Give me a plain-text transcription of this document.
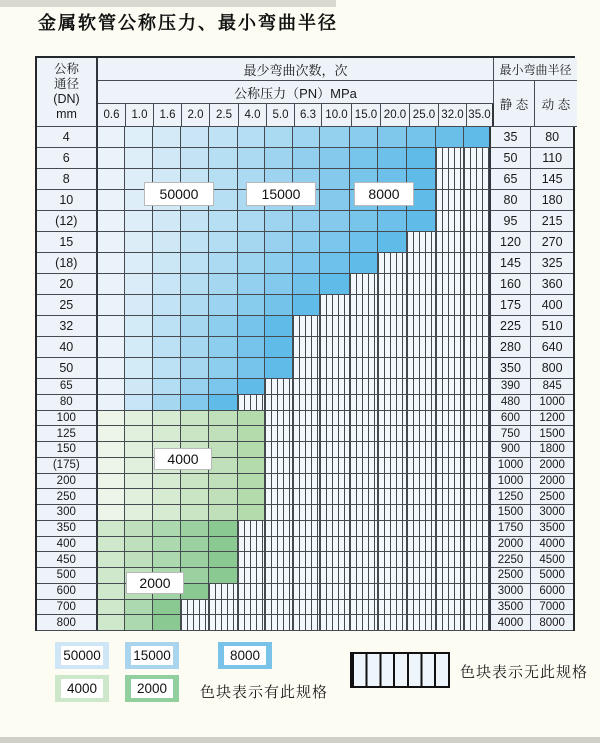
金属软管公称压力、最小弯曲半径
公称
通径
(DN)
mm
最少弯曲次数，次
公称压力（PN）MPa
0.6	1.0	1.6	2.0	2.5	4.0	5.0	6.3 10.0 15.0 20.0 25.0 32.0 35.0
最小弯曲半径
静 态	动 态
4	35	80
6	50	110
8	65	145
10	80	180
(12)	95	215
15	120	270
(18)	145	325
20	160	360
25	175	400
32	225	510
40	280	640
50	350	800
65	390	845
80	480	1000
100	600	1200
125	750	1500
150	900	1800
(175)	1000	2000
200	1000	2000
250	1250	2500
300	1500	3000
350	1750	3500
400	2000	4000
450	2250	4500
500	2500	5000
600	3000	6000
700	3500	7000
800	4000	8000
50000	15000	8000
4000
2000
50000 15000	8000
4000	2000	色块表示有此规格
色块表示无此规格
